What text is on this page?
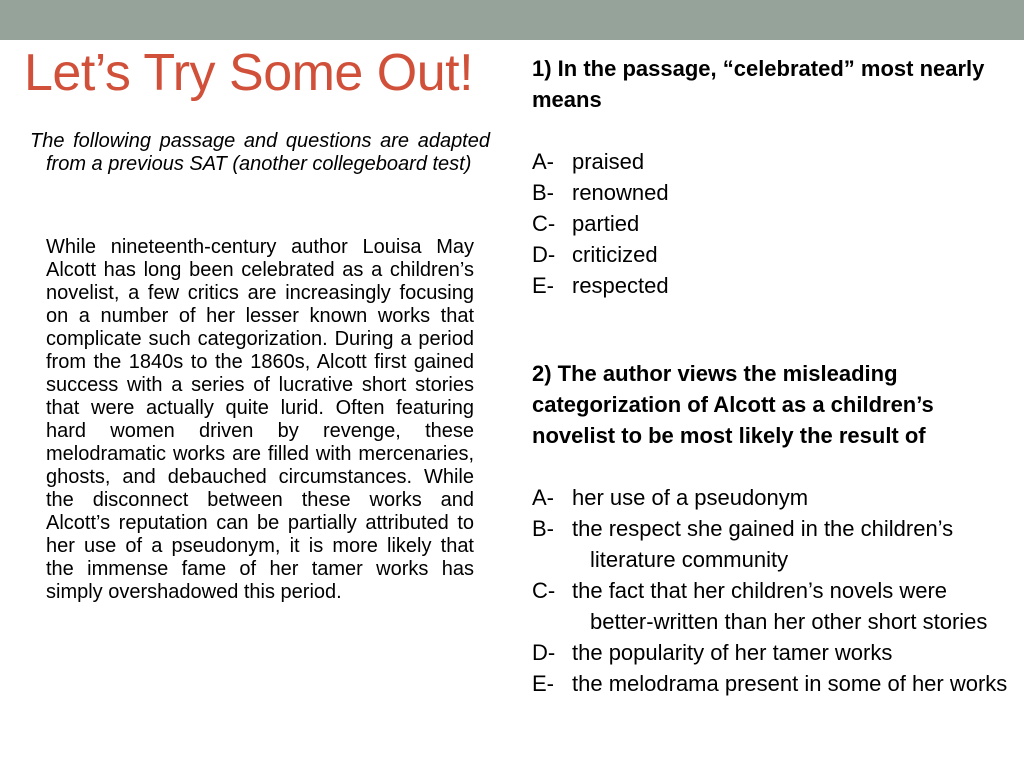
Let’s Try Some Out!

The following passage and questions are adapted from a previous SAT (another collegeboard test)

While nineteenth-century author Louisa May Alcott has long been celebrated as a children’s novelist, a few critics are increasingly focusing on a number of her lesser known works that complicate such categorization. During a period from the 1840s to the 1860s, Alcott first gained success with a series of lucrative short stories that were actually quite lurid. Often featuring hard women driven by revenge, these melodramatic works are filled with mercenaries, ghosts, and debauched circumstances. While the disconnect between these works and Alcott’s reputation can be partially attributed to her use of a pseudonym, it is more likely that the immense fame of her tamer works has simply overshadowed this period.

1) In the passage, “celebrated” most nearly means

A- praised
B- renowned
C- partied
D- criticized
E- respected

2) The author views the misleading categorization of Alcott as a children’s novelist to be most likely the result of

A- her use of a pseudonym
B- the respect she gained in the children’s literature community
C- the fact that her children’s novels were better-written than her other short stories
D- the popularity of her tamer works
E- the melodrama present in some of her works
